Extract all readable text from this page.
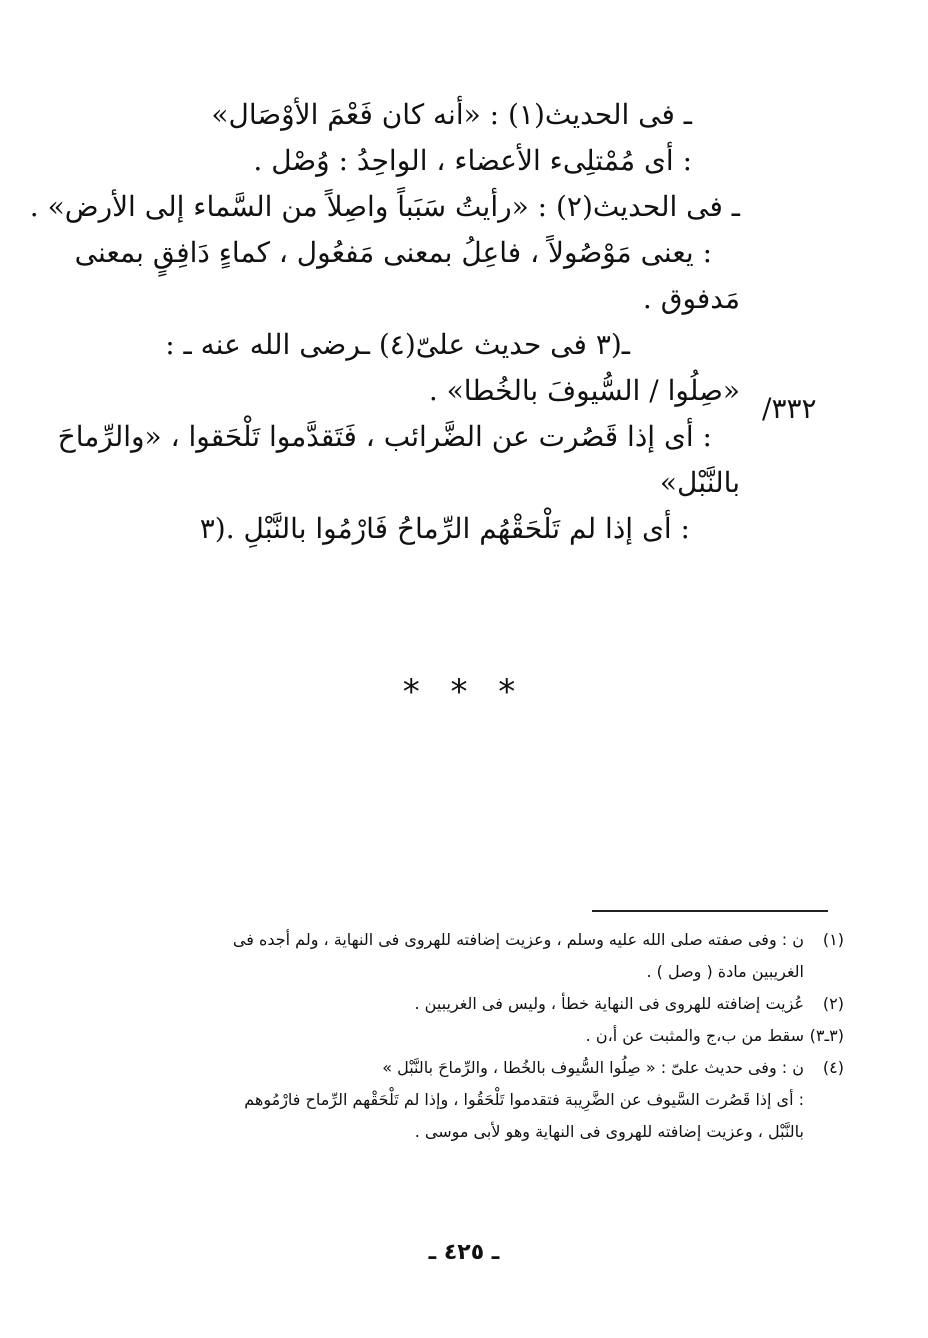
٣٣٢/
ـ فى الحديث(١) : «أنه كان فَعْمَ الأوْصَال»
: أى مُمْتلِىء الأعضاء ، الواحِدُ : وُصْل .
ـ فى الحديث(٢) : «رأيتُ سَبَباً واصِلاً من السَّماء إلى الأرض» .
: يعنى مَوْصُولاً ، فاعِلُ بمعنى مَفعُول ، كماءٍ دَافِقٍ بمعنى
مَدفوق .
ـ(٣ فى حديث علىّ(٤) ـرضى الله عنه ـ :
«صِلُوا / السُّيوفَ بالخُطا» .
: أى إذا قَصُرت عن الضَّرائب ، فَتَقدَّموا تَلْحَقوا ، «والرِّماحَ
بالنَّبْل»
: أى إذا لم تَلْحَقْهُم الرِّماحُ فَارْمُوا بالنَّبْلِ .(٣
* * *
(١)
ن : وفى صفته صلى الله عليه وسلم ، وعزيت إضافته للهروى فى النهاية ، ولم أجده فى
الغريبين مادة ( وصل ) .
(٢)
عُزيت إضافته للهروى فى النهاية خطأ ، وليس فى الغريبين .
(٣ـ٣)
سقط من ب،ج والمثبت عن أ،ن .
(٤)
ن : وفى حديث علىّ : « صِلُوا السُّيوف بالخُطا ، والرِّماحَ بالنَّبْل »
: أى إذا قَصُرت السَّيوف عن الضَّرِيبة فتقدموا تَلْحَقُوا ، وإذا لم تَلْحَقْهم الرِّماح فارْمُوهم
بالنَّبْل ، وعزيت إضافته للهروى فى النهاية وهو لأبى موسى .
ـ ٤٢٥ ـ
